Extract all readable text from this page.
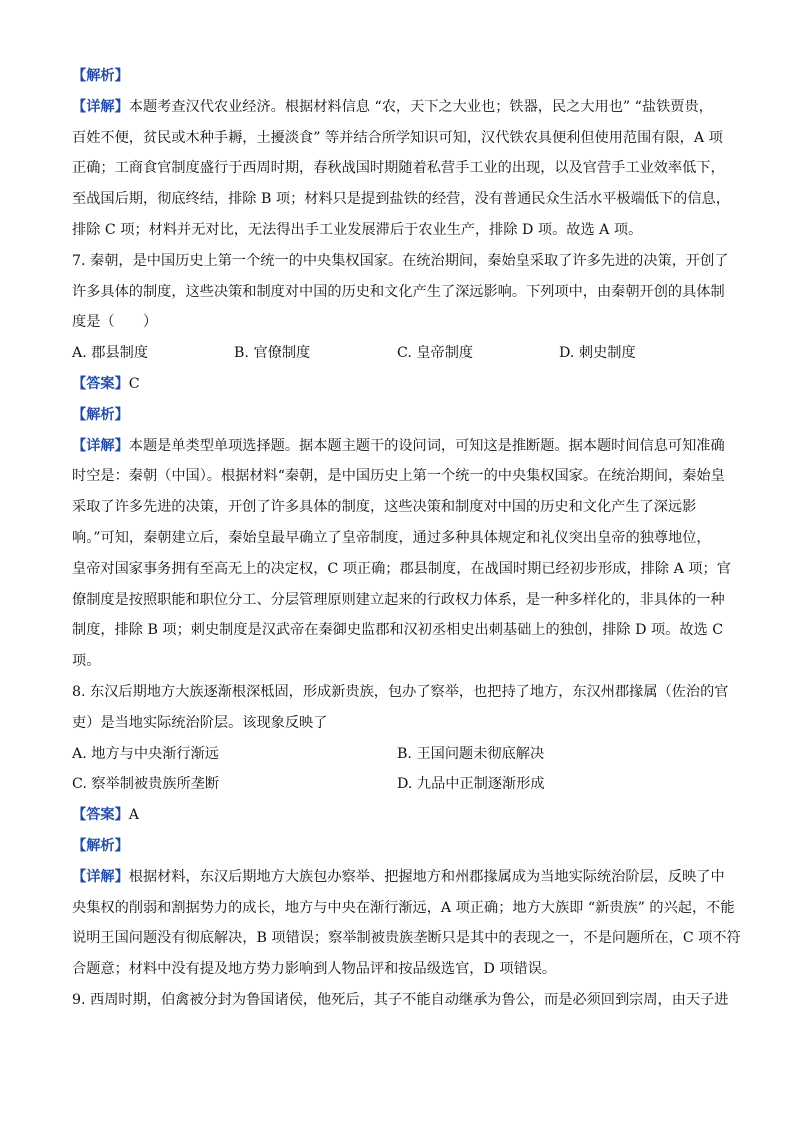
【解析】
【详解】本题考查汉代农业经济。根据材料信息 “农，天下之大业也；铁器，民之大用也” “盐铁贾贵，
百姓不便，贫民或木种手耨，土擾淡食” 等并结合所学知识可知，汉代铁农具便利但使用范围有限，A 项
正确；工商食官制度盛行于西周时期，春秋战国时期随着私营手工业的出现，以及官营手工业效率低下，
至战国后期，彻底终结，排除 B 项；材料只是提到盐铁的经营，没有普通民众生活水平极端低下的信息，
排除 C 项；材料并无对比，无法得出手工业发展滞后于农业生产，排除 D 项。故选 A 项。
7. 秦朝，是中国历史上第一个统一的中央集权国家。在统治期间，秦始皇采取了许多先进的决策，开创了
许多具体的制度，这些决策和制度对中国的历史和文化产生了深远影响。下列项中，由秦朝开创的具体制
度是（　　）
A. 郡县制度	B. 官僚制度	C. 皇帝制度	D. 刺史制度
【答案】C
【解析】
【详解】本题是单类型单项选择题。据本题主题干的设问词，可知这是推断题。据本题时间信息可知准确
时空是：秦朝（中国）。根据材料“秦朝，是中国历史上第一个统一的中央集权国家。在统治期间，秦始皇
采取了许多先进的决策，开创了许多具体的制度，这些决策和制度对中国的历史和文化产生了深远影
响。”可知，秦朝建立后，秦始皇最早确立了皇帝制度，通过多种具体规定和礼仪突出皇帝的独尊地位，
皇帝对国家事务拥有至高无上的决定权，C 项正确；郡县制度，在战国时期已经初步形成，排除 A 项；官
僚制度是按照职能和职位分工、分层管理原则建立起来的行政权力体系，是一种多样化的，非具体的一种
制度，排除 B 项；刺史制度是汉武帝在秦御史监郡和汉初丞相史出刺基础上的独创，排除 D 项。故选 C
项。
8. 东汉后期地方大族逐渐根深柢固，形成新贵族，包办了察举，也把持了地方，东汉州郡掾属（佐治的官
吏）是当地实际统治阶层。该现象反映了
A. 地方与中央渐行渐远	B. 王国问题未彻底解决
C. 察举制被贵族所垄断	D. 九品中正制逐渐形成
【答案】A
【解析】
【详解】根据材料，东汉后期地方大族包办察举、把握地方和州郡掾属成为当地实际统治阶层，反映了中
央集权的削弱和割据势力的成长，地方与中央在渐行渐远，A 项正确；地方大族即 “新贵族” 的兴起，不能
说明王国问题没有彻底解决，B 项错误；察举制被贵族垄断只是其中的表现之一，不是问题所在，C 项不符
合题意；材料中没有提及地方势力影响到人物品评和按品级选官，D 项错误。
9. 西周时期，伯禽被分封为鲁国诸侯，他死后，其子不能自动继承为鲁公，而是必须回到宗周，由天子进
